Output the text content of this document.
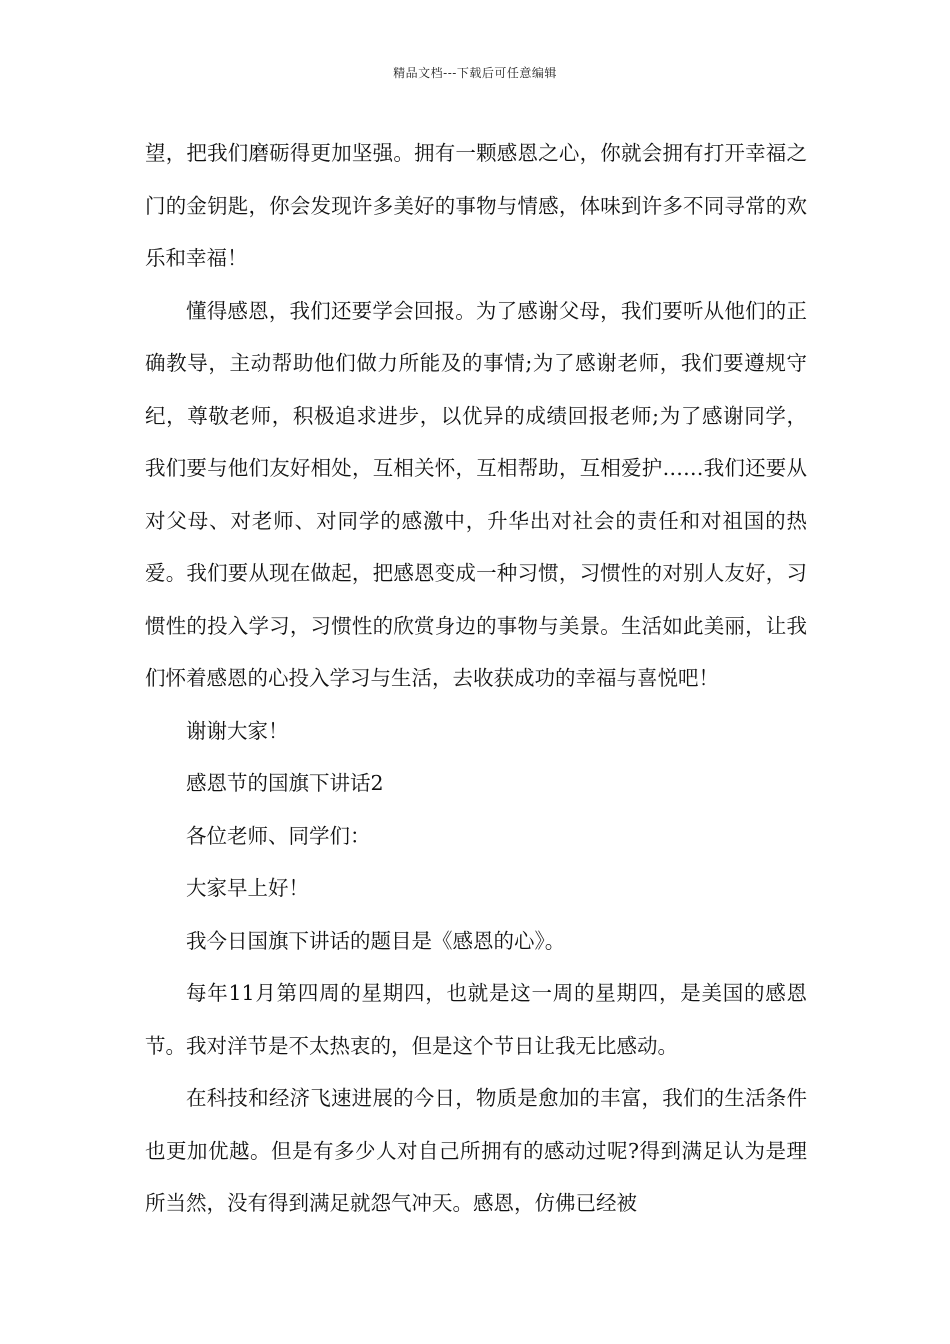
精品文档---下载后可任意编辑

望，把我们磨砺得更加坚强。拥有一颗感恩之心，你就会拥有打开幸福之门的金钥匙，你会发现许多美好的事物与情感，体味到许多不同寻常的欢乐和幸福！

懂得感恩，我们还要学会回报。为了感谢父母，我们要听从他们的正确教导，主动帮助他们做力所能及的事情;为了感谢老师，我们要遵规守纪，尊敬老师，积极追求进步，以优异的成绩回报老师;为了感谢同学，我们要与他们友好相处，互相关怀，互相帮助，互相爱护……我们还要从对父母、对老师、对同学的感激中，升华出对社会的责任和对祖国的热爱。我们要从现在做起，把感恩变成一种习惯，习惯性的对别人友好，习惯性的投入学习，习惯性的欣赏身边的事物与美景。生活如此美丽，让我们怀着感恩的心投入学习与生活，去收获成功的幸福与喜悦吧！

谢谢大家！

感恩节的国旗下讲话2

各位老师、同学们：

大家早上好！

我今日国旗下讲话的题目是《感恩的心》。

每年11月第四周的星期四，也就是这一周的星期四，是美国的感恩节。我对洋节是不太热衷的，但是这个节日让我无比感动。

在科技和经济飞速进展的今日，物质是愈加的丰富，我们的生活条件也更加优越。但是有多少人对自己所拥有的感动过呢?得到满足认为是理所当然，没有得到满足就怨气冲天。感恩，仿佛已经被
